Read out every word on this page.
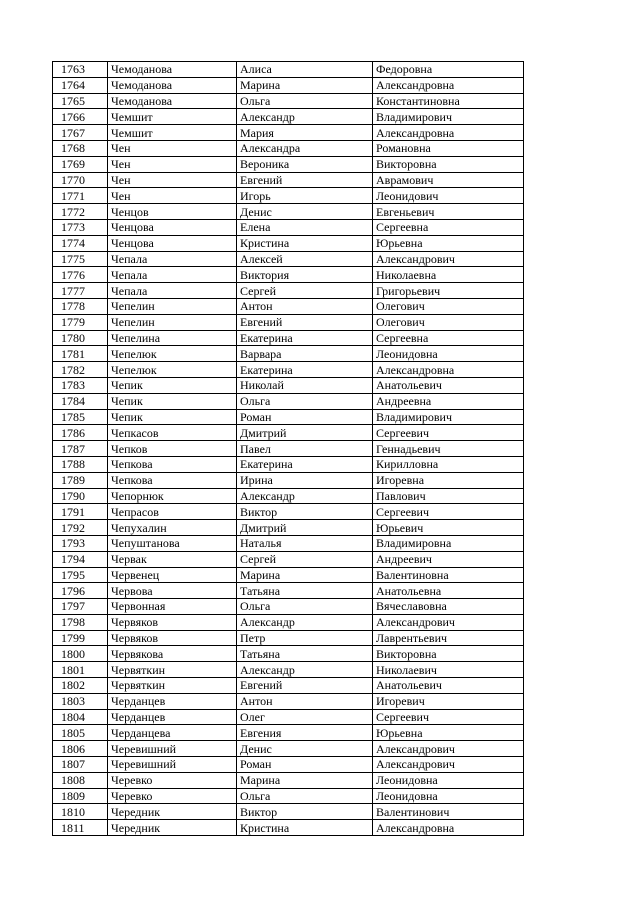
1763	Чемоданова	Алиса	Федоровна
1764	Чемоданова	Марина	Александровна
1765	Чемоданова	Ольга	Константиновна
1766	Чемшит	Александр	Владимирович
1767	Чемшит	Мария	Александровна
1768	Чен	Александра	Романовна
1769	Чен	Вероника	Викторовна
1770	Чен	Евгений	Аврамович
1771	Чен	Игорь	Леонидович
1772	Ченцов	Денис	Евгеньевич
1773	Ченцова	Елена	Сергеевна
1774	Ченцова	Кристина	Юрьевна
1775	Чепала	Алексей	Александрович
1776	Чепала	Виктория	Николаевна
1777	Чепала	Сергей	Григорьевич
1778	Чепелин	Антон	Олегович
1779	Чепелин	Евгений	Олегович
1780	Чепелина	Екатерина	Сергеевна
1781	Чепелюк	Варвара	Леонидовна
1782	Чепелюк	Екатерина	Александровна
1783	Чепик	Николай	Анатольевич
1784	Чепик	Ольга	Андреевна
1785	Чепик	Роман	Владимирович
1786	Чепкасов	Дмитрий	Сергеевич
1787	Чепков	Павел	Геннадьевич
1788	Чепкова	Екатерина	Кирилловна
1789	Чепкова	Ирина	Игоревна
1790	Чепорнюк	Александр	Павлович
1791	Чепрасов	Виктор	Сергеевич
1792	Чепухалин	Дмитрий	Юрьевич
1793	Чепуштанова	Наталья	Владимировна
1794	Червак	Сергей	Андреевич
1795	Червенец	Марина	Валентиновна
1796	Червова	Татьяна	Анатольевна
1797	Червонная	Ольга	Вячеславовна
1798	Червяков	Александр	Александрович
1799	Червяков	Петр	Лаврентьевич
1800	Червякова	Татьяна	Викторовна
1801	Червяткин	Александр	Николаевич
1802	Червяткин	Евгений	Анатольевич
1803	Черданцев	Антон	Игоревич
1804	Черданцев	Олег	Сергеевич
1805	Черданцева	Евгения	Юрьевна
1806	Черевишний	Денис	Александрович
1807	Черевишний	Роман	Александрович
1808	Черевко	Марина	Леонидовна
1809	Черевко	Ольга	Леонидовна
1810	Чередник	Виктор	Валентинович
1811	Чередник	Кристина	Александровна
